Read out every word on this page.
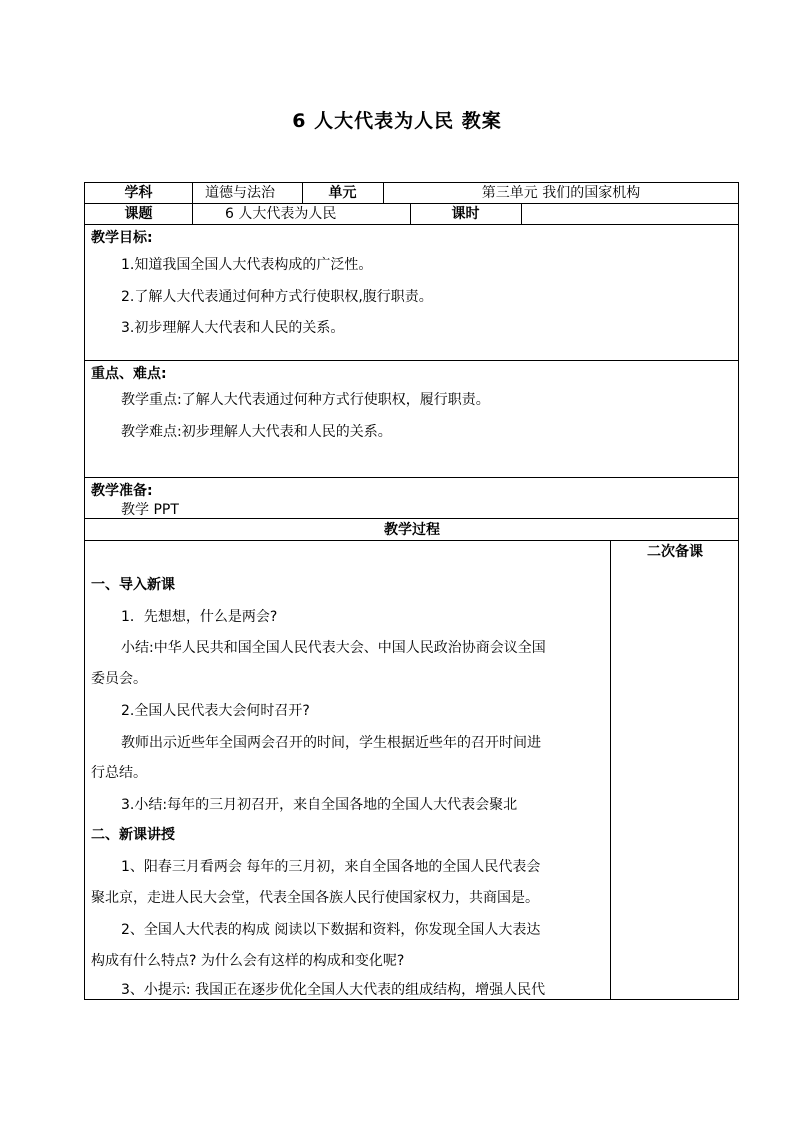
6 人大代表为人民 教案
学科	道德与法治	单元	第三单元 我们的国家机构
课题	6 人大代表为人民	课时
教学目标:
1.知道我国全国人大代表构成的广泛性。
2.了解人大代表通过何种方式行使职权,腹行职责。
3.初步理解人大代表和人民的关系。
重点、难点:
教学重点:了解人大代表通过何种方式行使职权，履行职责。
教学难点:初步理解人大代表和人民的关系。
教学准备:
教学 PPT
教学过程
二次备课
一、导入新课
1．先想想，什么是两会?
小结:中华人民共和国全国人民代表大会、中国人民政治协商会议全国
委员会。
2.全国人民代表大会何时召开?
教师出示近些年全国两会召开的时间，学生根据近些年的召开时间进
行总结。
3.小结:每年的三月初召开，来自全国各地的全国人大代表会聚北
二、新课讲授
1、阳春三月看两会 每年的三月初，来自全国各地的全国人民代表会
聚北京，走进人民大会堂，代表全国各族人民行使国家权力，共商国是。
2、全国人大代表的构成 阅读以下数据和资料，你发现全国人大表达
构成有什么特点? 为什么会有这样的构成和变化呢?
3、小提示: 我国正在逐步优化全国人大代表的组成结构，增强人民代
